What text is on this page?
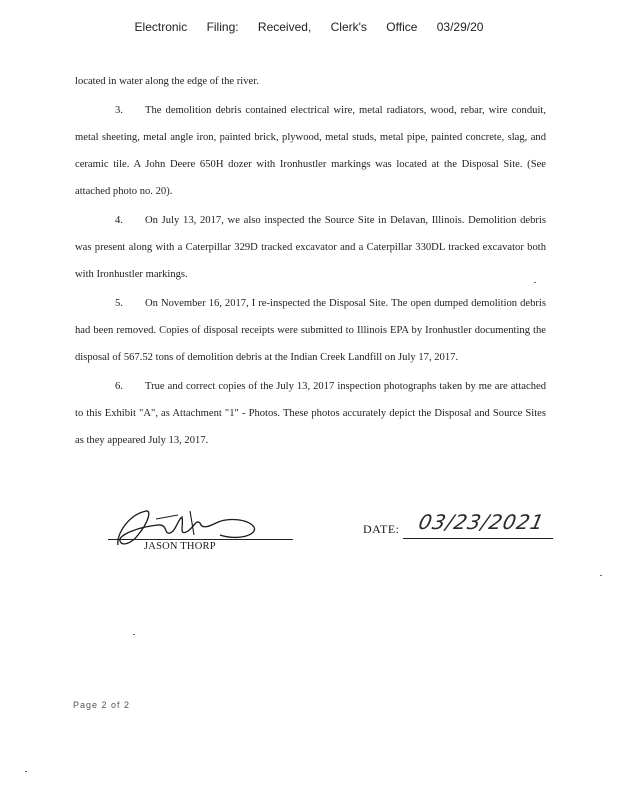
Electronic Filing: Received, Clerk's Office 03/29/20

located in water along the edge of the river.

3. The demolition debris contained electrical wire, metal radiators, wood, rebar, wire conduit, metal sheeting, metal angle iron, painted brick, plywood, metal studs, metal pipe, painted concrete, slag, and ceramic tile. A John Deere 650H dozer with Ironhustler markings was located at the Disposal Site. (See attached photo no. 20).

4. On July 13, 2017, we also inspected the Source Site in Delavan, Illinois. Demolition debris was present along with a Caterpillar 329D tracked excavator and a Caterpillar 330DL tracked excavator both with Ironhustler markings.

5. On November 16, 2017, I re-inspected the Disposal Site. The open dumped demolition debris had been removed. Copies of disposal receipts were submitted to Illinois EPA by Ironhustler documenting the disposal of 567.52 tons of demolition debris at the Indian Creek Landfill on July 17, 2017.

6. True and correct copies of the July 13, 2017 inspection photographs taken by me are attached to this Exhibit "A", as Attachment "1" - Photos. These photos accurately depict the Disposal and Source Sites as they appeared July 13, 2017.

JASON THORP
DATE: 03/23/2021
Page 2 of 2
